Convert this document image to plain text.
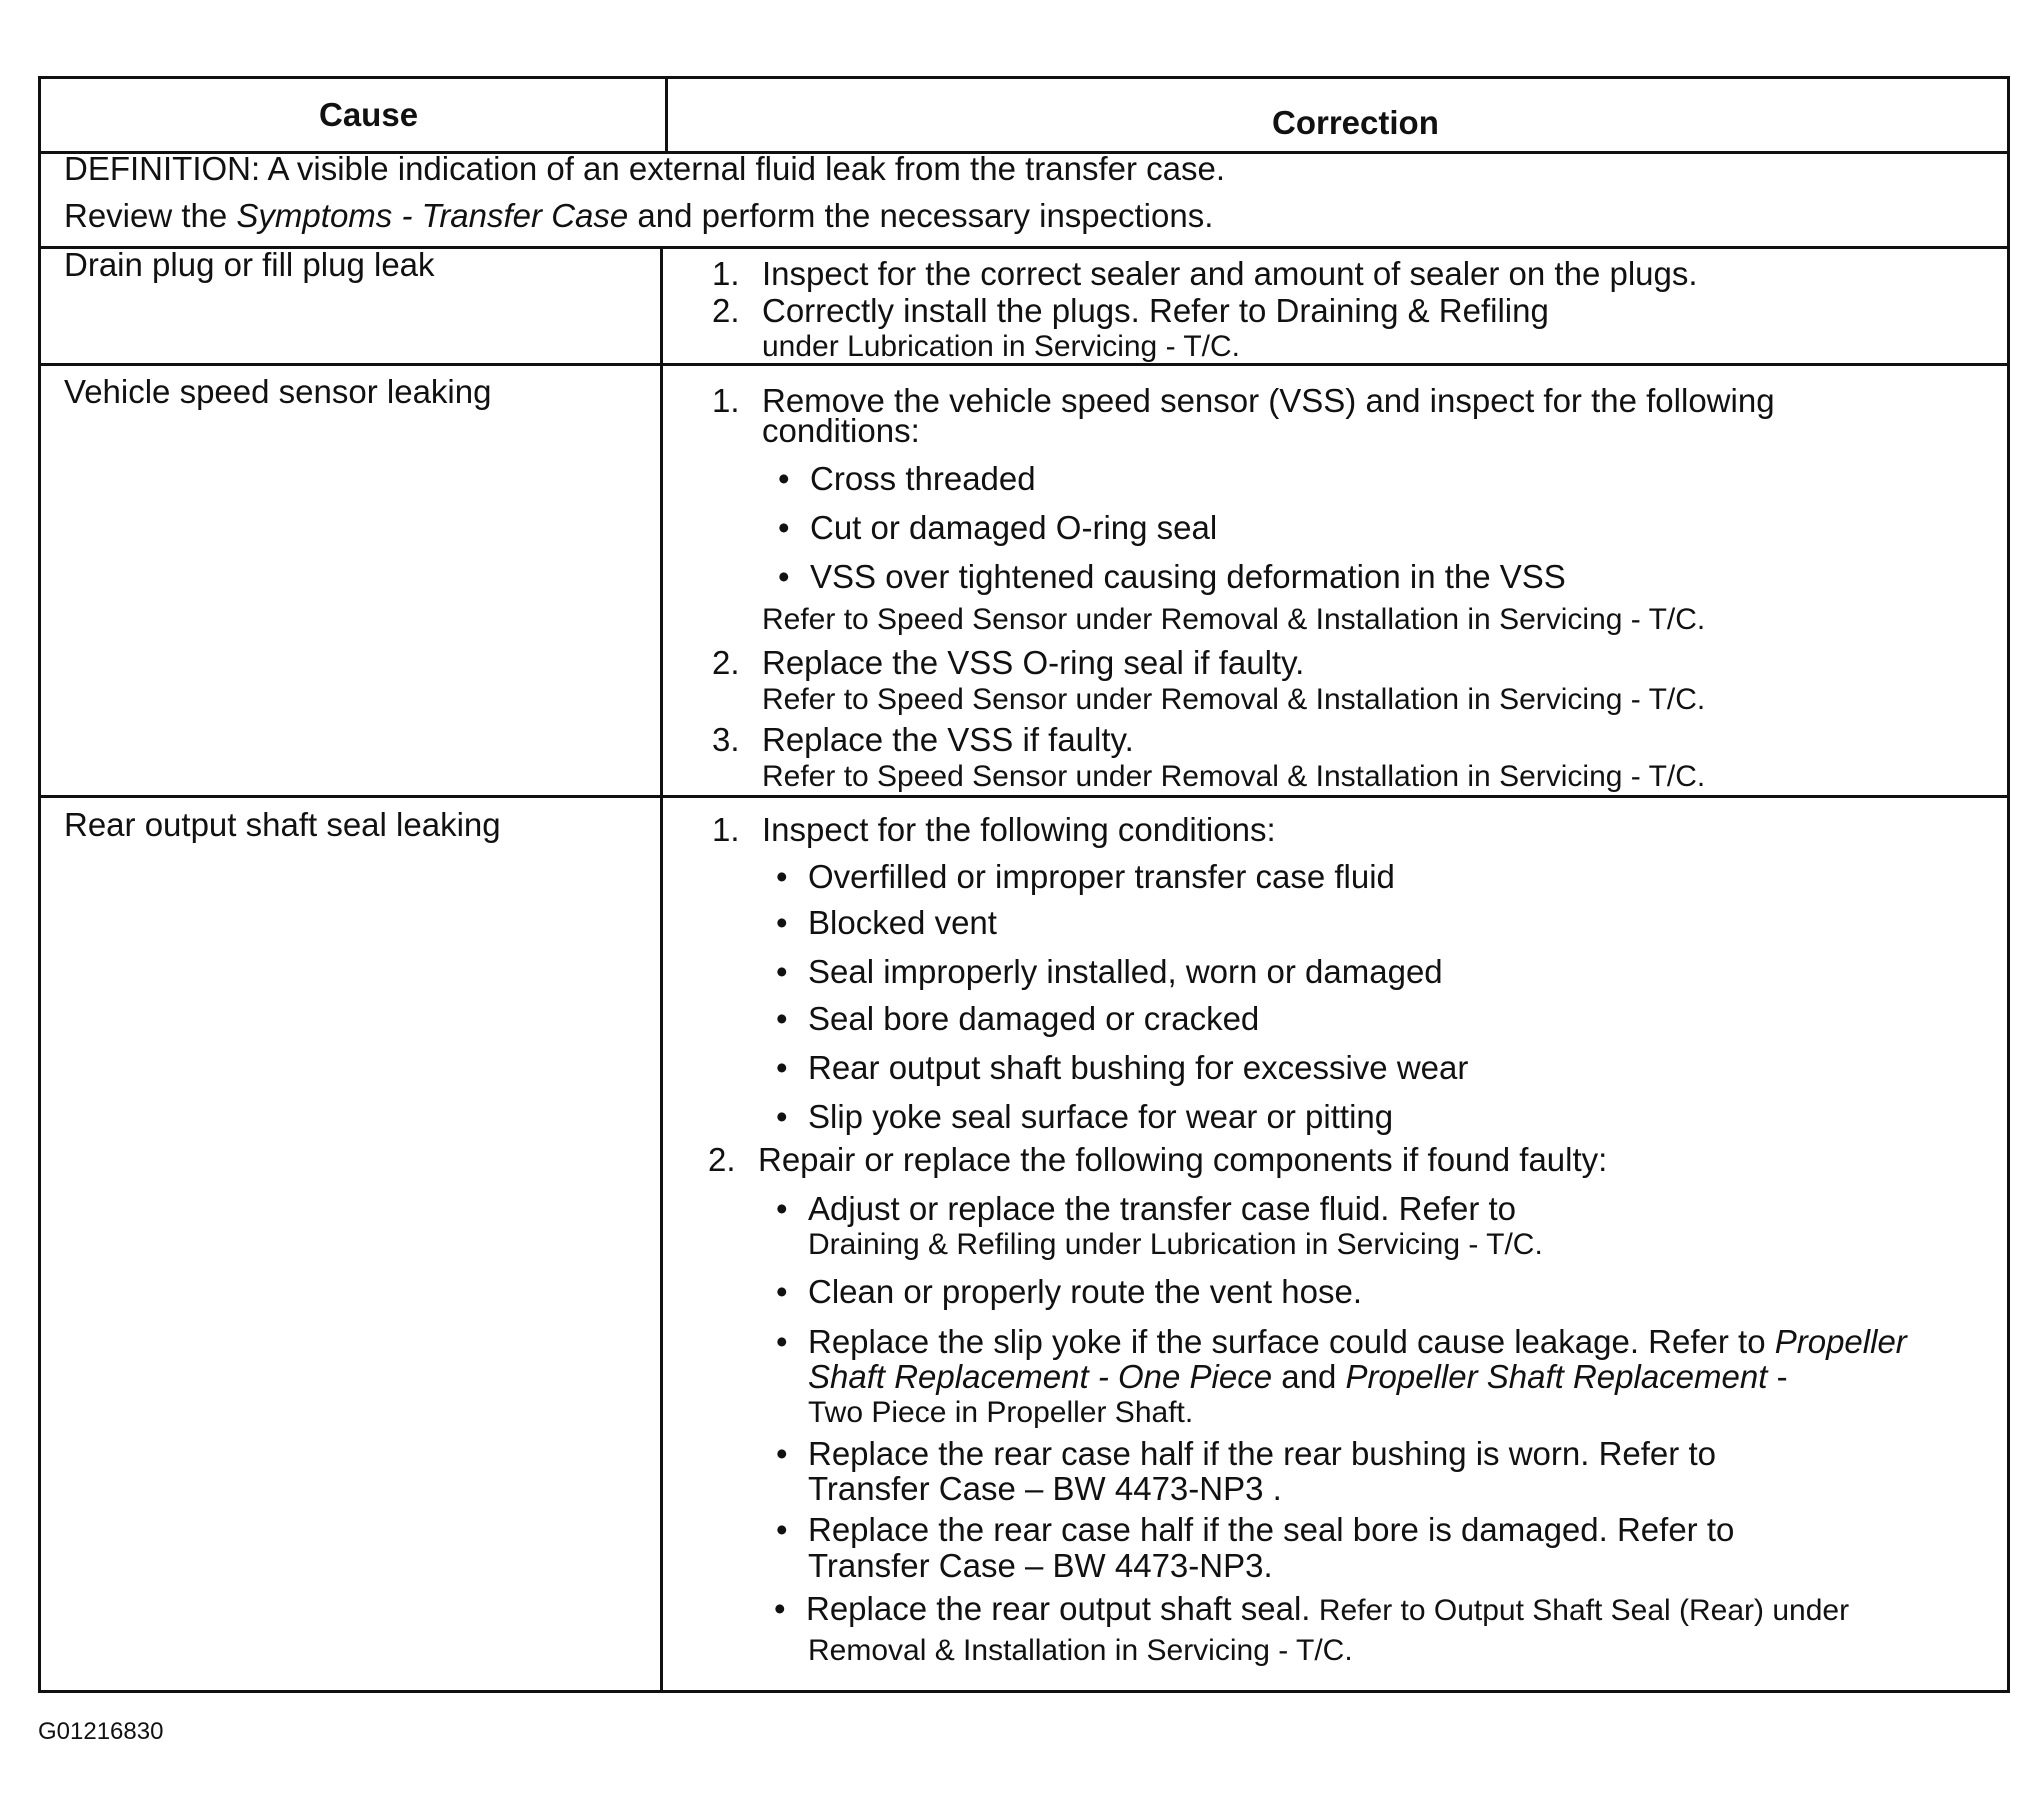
Cause	Correction
DEFINITION: A visible indication of an external fluid leak from the transfer case.
Review the Symptoms - Transfer Case and perform the necessary inspections.
Drain plug or fill plug leak	1. Inspect for the correct sealer and amount of sealer on the plugs.
2. Correctly install the plugs. Refer to Draining & Refiling
under Lubrication in Servicing - T/C.
Vehicle speed sensor leaking	1. Remove the vehicle speed sensor (VSS) and inspect for the following
conditions:
• Cross threaded
• Cut or damaged O-ring seal
• VSS over tightened causing deformation in the VSS
Refer to Speed Sensor under Removal & Installation in Servicing - T/C.
2. Replace the VSS O-ring seal if faulty.
Refer to Speed Sensor under Removal & Installation in Servicing - T/C.
3. Replace the VSS if faulty.
Refer to Speed Sensor under Removal & Installation in Servicing - T/C.
Rear output shaft seal leaking	1. Inspect for the following conditions:
• Overfilled or improper transfer case fluid
• Blocked vent
• Seal improperly installed, worn or damaged
• Seal bore damaged or cracked
• Rear output shaft bushing for excessive wear
• Slip yoke seal surface for wear or pitting
2. Repair or replace the following components if found faulty:
• Adjust or replace the transfer case fluid. Refer to
Draining & Refiling under Lubrication in Servicing - T/C.
• Clean or properly route the vent hose.
• Replace the slip yoke if the surface could cause leakage. Refer to Propeller
Shaft Replacement - One Piece and Propeller Shaft Replacement -
Two Piece in Propeller Shaft.
• Replace the rear case half if the rear bushing is worn. Refer to
Transfer Case – BW 4473-NP3 .
• Replace the rear case half if the seal bore is damaged. Refer to
Transfer Case – BW 4473-NP3.
• Replace the rear output shaft seal. Refer to Output Shaft Seal (Rear) under
Removal & Installation in Servicing - T/C.
G01216830
